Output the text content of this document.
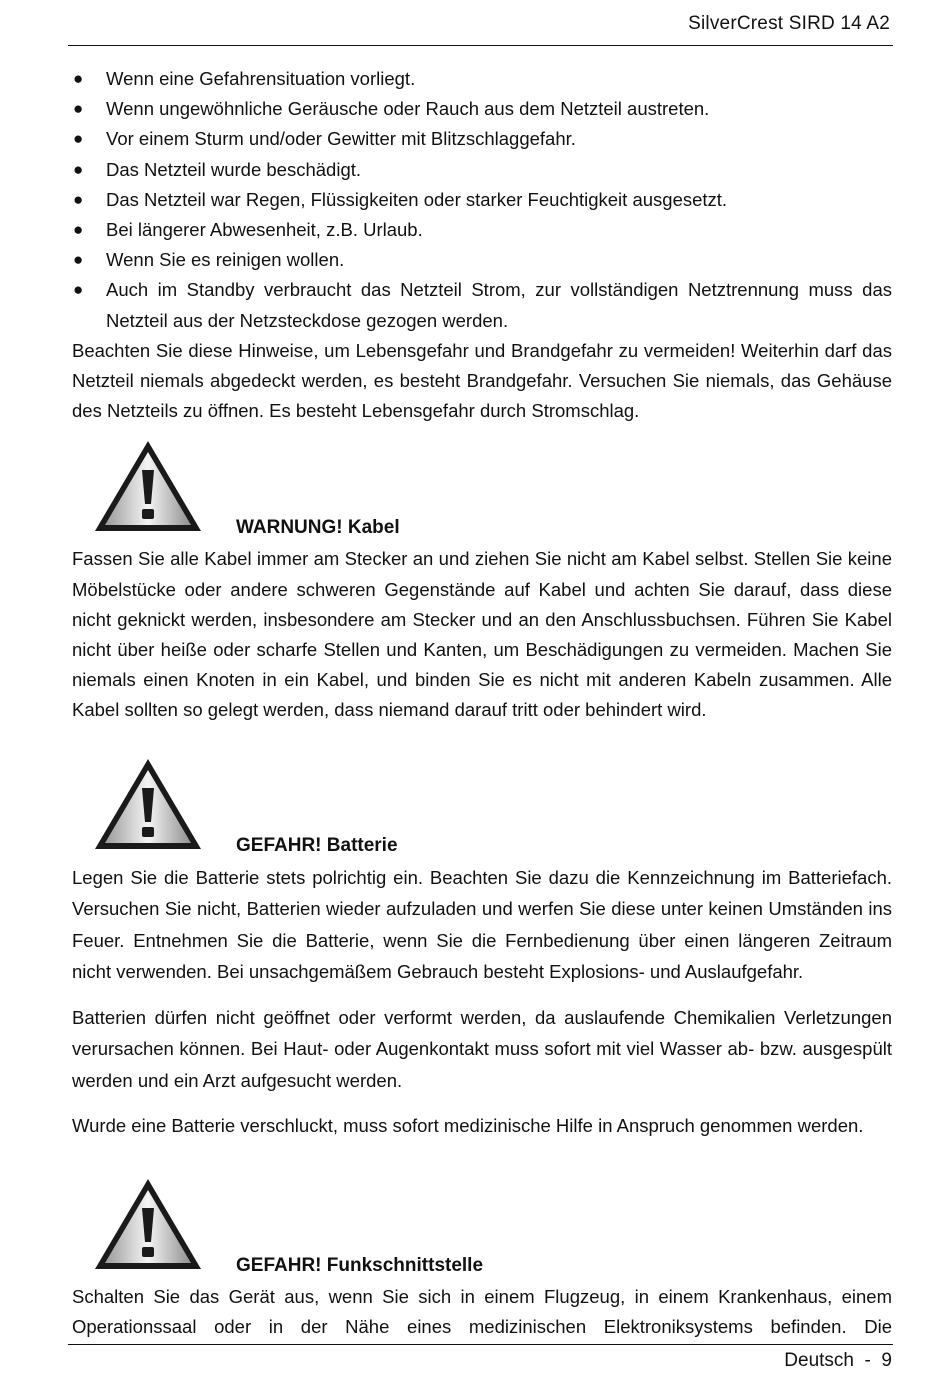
SilverCrest SIRD 14 A2
● Wenn eine Gefahrensituation vorliegt.
● Wenn ungewöhnliche Geräusche oder Rauch aus dem Netzteil austreten.
● Vor einem Sturm und/oder Gewitter mit Blitzschlaggefahr.
● Das Netzteil wurde beschädigt.
● Das Netzteil war Regen, Flüssigkeiten oder starker Feuchtigkeit ausgesetzt.
● Bei längerer Abwesenheit, z.B. Urlaub.
● Wenn Sie es reinigen wollen.
● Auch im Standby verbraucht das Netzteil Strom, zur vollständigen Netztrennung muss das Netzteil aus der Netzsteckdose gezogen werden.

Beachten Sie diese Hinweise, um Lebensgefahr und Brandgefahr zu vermeiden! Weiterhin darf das Netzteil niemals abgedeckt werden, es besteht Brandgefahr. Versuchen Sie niemals, das Gehäuse des Netzteils zu öffnen. Es besteht Lebensgefahr durch Stromschlag.

WARNUNG! Kabel

Fassen Sie alle Kabel immer am Stecker an und ziehen Sie nicht am Kabel selbst. Stellen Sie keine Möbelstücke oder andere schweren Gegenstände auf Kabel und achten Sie darauf, dass diese nicht geknickt werden, insbesondere am Stecker und an den Anschlussbuchsen. Führen Sie Kabel nicht über heiße oder scharfe Stellen und Kanten, um Beschädigungen zu vermeiden. Machen Sie niemals einen Knoten in ein Kabel, und binden Sie es nicht mit anderen Kabeln zusammen. Alle Kabel sollten so gelegt werden, dass niemand darauf tritt oder behindert wird.

GEFAHR! Batterie

Legen Sie die Batterie stets polrichtig ein. Beachten Sie dazu die Kennzeichnung im Batteriefach. Versuchen Sie nicht, Batterien wieder aufzuladen und werfen Sie diese unter keinen Umständen ins Feuer. Entnehmen Sie die Batterie, wenn Sie die Fernbedienung über einen längeren Zeitraum nicht verwenden. Bei unsachgemäßem Gebrauch besteht Explosions- und Auslaufgefahr.

Batterien dürfen nicht geöffnet oder verformt werden, da auslaufende Chemikalien Verletzungen verursachen können. Bei Haut- oder Augenkontakt muss sofort mit viel Wasser ab- bzw. ausgespült werden und ein Arzt aufgesucht werden.

Wurde eine Batterie verschluckt, muss sofort medizinische Hilfe in Anspruch genommen werden.

GEFAHR! Funkschnittstelle

Schalten Sie das Gerät aus, wenn Sie sich in einem Flugzeug, in einem Krankenhaus, einem Operationssaal oder in der Nähe eines medizinischen Elektroniksystems befinden. Die

Deutsch  -  9
